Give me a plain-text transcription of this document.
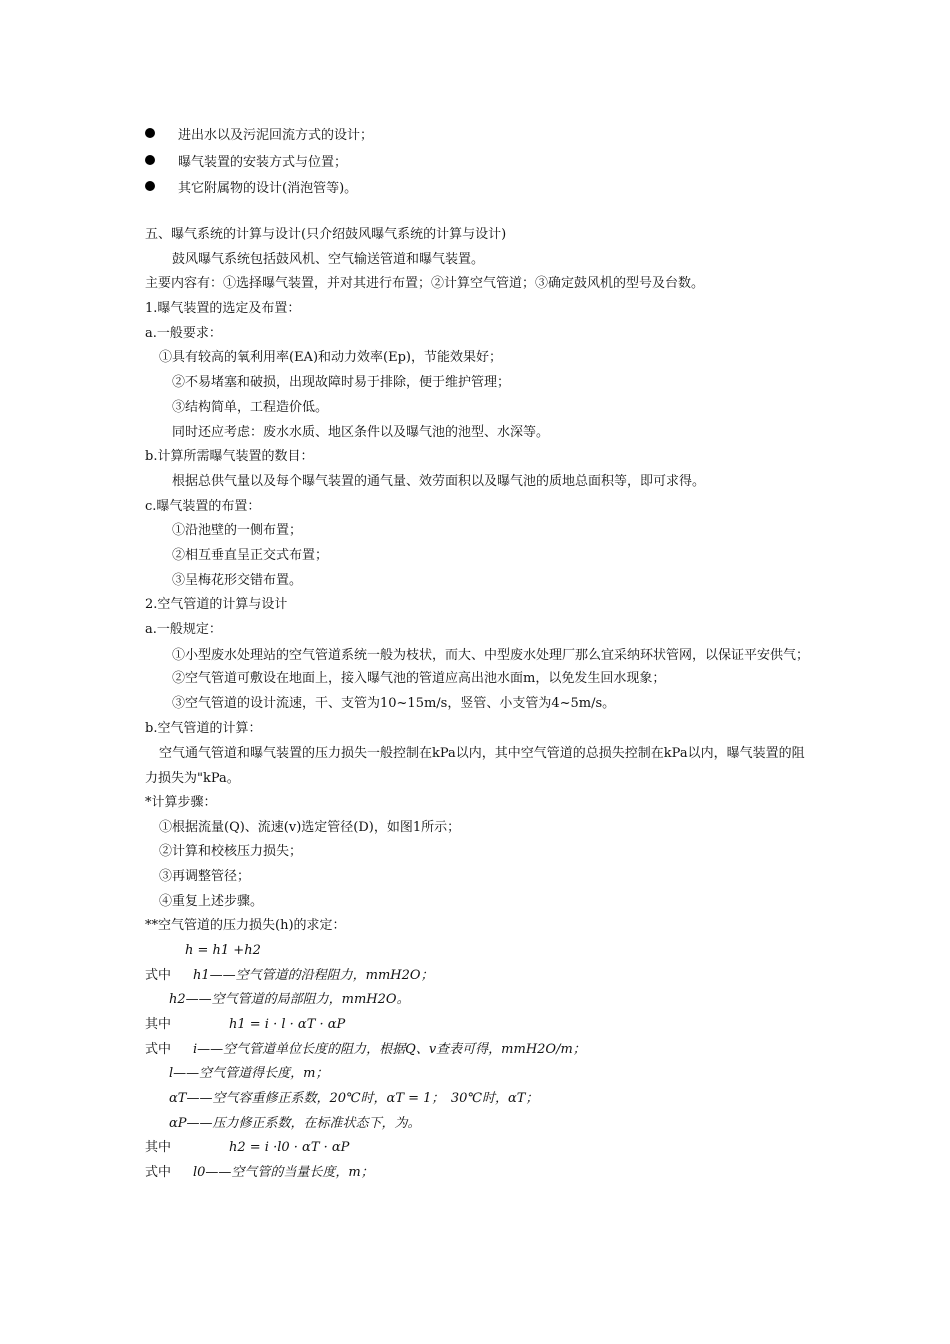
进出水以及污泥回流方式的设计；
曝气装置的安装方式与位置；
其它附属物的设计(消泡管等)。
五、曝气系统的计算与设计(只介绍鼓风曝气系统的计算与设计)
鼓风曝气系统包括鼓风机、空气输送管道和曝气装置。
主要内容有：①选择曝气装置，并对其进行布置；②计算空气管道；③确定鼓风机的型号及台数。
1.曝气装置的选定及布置：
a.一般要求：
①具有较高的氧利用率(EA)和动力效率(Ep)，节能效果好；
②不易堵塞和破损，出现故障时易于排除，便于维护管理；
③结构简单，工程造价低。
同时还应考虑：废水水质、地区条件以及曝气池的池型、水深等。
b.计算所需曝气装置的数目：
根据总供气量以及每个曝气装置的通气量、效劳面积以及曝气池的质地总面积等，即可求得。
c.曝气装置的布置：
①沿池壁的一侧布置；
②相互垂直呈正交式布置；
③呈梅花形交错布置。
2.空气管道的计算与设计
a.一般规定：
①小型废水处理站的空气管道系统一般为枝状，而大、中型废水处理厂那么宜采纳环状管网，以保证平安供气；
②空气管道可敷设在地面上，接入曝气池的管道应高出池水面m，以免发生回水现象；
③空气管道的设计流速，干、支管为10~15m/s，竖管、小支管为4~5m/s。
b.空气管道的计算：
空气通气管道和曝气装置的压力损失一般控制在kPa以内，其中空气管道的总损失控制在kPa以内，曝气装置的阻力损失为"kPa。
*计算步骤：
①根据流量(Q)、流速(v)选定管径(D)，如图1所示；
②计算和校核压力损失；
③再调整管径；
④重复上述步骤。
**空气管道的压力损失(h)的求定：
h = h1 +h2
式中 h1——空气管道的沿程阻力，mmH2O；
h2——空气管道的局部阻力，mmH2O。
其中	h1 = i · l · αT · αP
式中 i——空气管道单位长度的阻力，根据Q、v查表可得，mmH2O/m；
l——空气管道得长度，m；
αT——空气容重修正系数，20℃时，αT = 1；　30℃时，αT；
αP——压力修正系数，在标准状态下，为。
其中	h2 = i ·l0 · αT · αP
式中 l0——空气管的当量长度，m；
